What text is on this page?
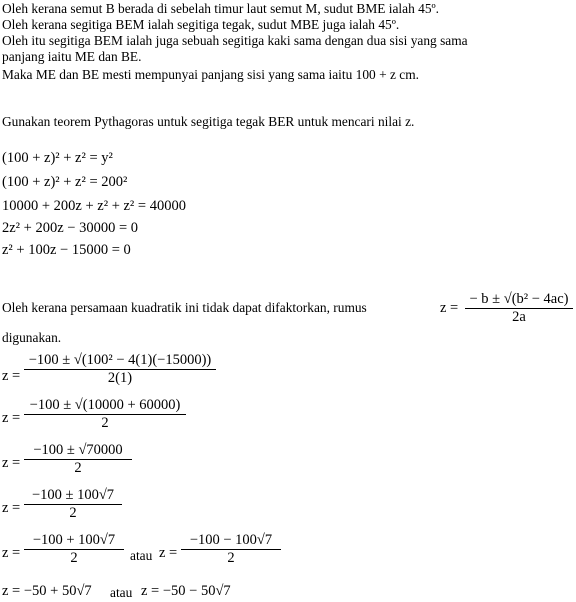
Oleh kerana semut B berada di sebelah timur laut semut M, sudut BME ialah 45º.
Oleh kerana segitiga BEM ialah segitiga tegak, sudut MBE juga ialah 45º.
Oleh itu segitiga BEM ialah juga sebuah segitiga kaki sama dengan dua sisi yang sama
panjang iaitu ME dan BE.
Maka ME dan BE mesti mempunyai panjang sisi yang sama iaitu 100 + z cm.
Gunakan teorem Pythagoras untuk segitiga tegak BER untuk mencari nilai z.
(100 + z)² + z² = y²
(100 + z)² + z² = 200²
10000 + 200z + z² + z² = 40000
2z² + 200z − 30000 = 0
z² + 100z − 15000 = 0
Oleh kerana persamaan kuadratik ini tidak dapat difaktorkan, rumus	z =
− b ± √(b² − 4ac)
2a
digunakan.
z =
−100 ± √(100² − 4(1)(−15000))
2(1)
z =
−100 ± √(10000 + 60000)
2
z =
−100 ± √70000
2
z =
−100 ± 100√7
2
z =
−100 + 100√7
2	atau z =
−100 − 100√7
2
z = −50 + 50√7 atau z = −50 − 50√7
